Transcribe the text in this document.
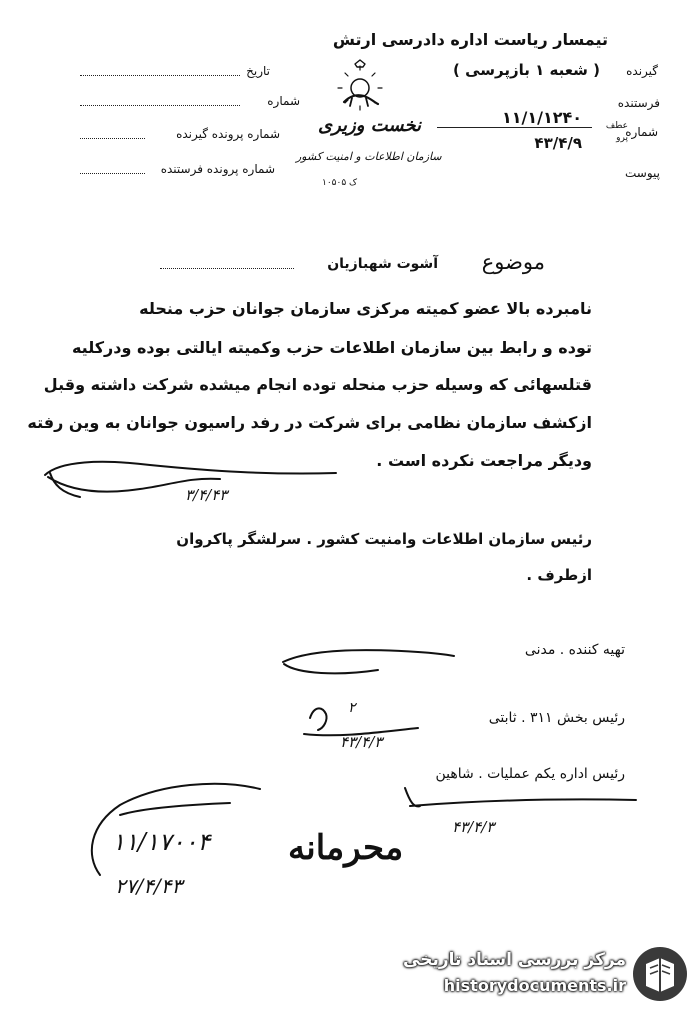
تیمسار ریاست اداره دادرسی ارتش
گیرنده
( شعبه ۱ بازپرسی )
فرستنده
شماره
عطف پرو
۱۱/۱/۱۲۴۰
۴۳/۴/۹
پیوست
نخست وزیری
سازمان اطلاعات و امنیت کشور
ک ۱۰۵۰۵
تاریخ
شماره
شماره پرونده گیرنده
شماره پرونده فرستنده
موضوع
آشوت شهبازیان
نامبرده بالا عضو کمیته مرکزی سازمان جوانان حزب منحله
توده و رابط بین سازمان اطلاعات حزب وکمیته ایالتی بوده ودرکلیه
قتلسهائی که وسیله حزب منحله توده انجام میشده شرکت داشته وقبل
ازکشف سازمان نظامی برای شرکت در رفد راسیون جوانان به وین رفته
ودیگر مراجعت نکرده است .
۳/۴/۴۳
رئیس سازمان اطلاعات وامنیت کشور . سرلشگر پاکروان
ازطرف .
تهیه کننده . مدنی
رئیس بخش ۳۱۱ . ثابتی
۲
۴۳/۴/۳
رئیس اداره یکم عملیات . شاهین
۴۳/۴/۳
۱۱/۱۷۰۰۴ محرمانه
۲۷/۴/۴۳
مرکز بررسی اسناد تاریخی
historydocuments.ir
